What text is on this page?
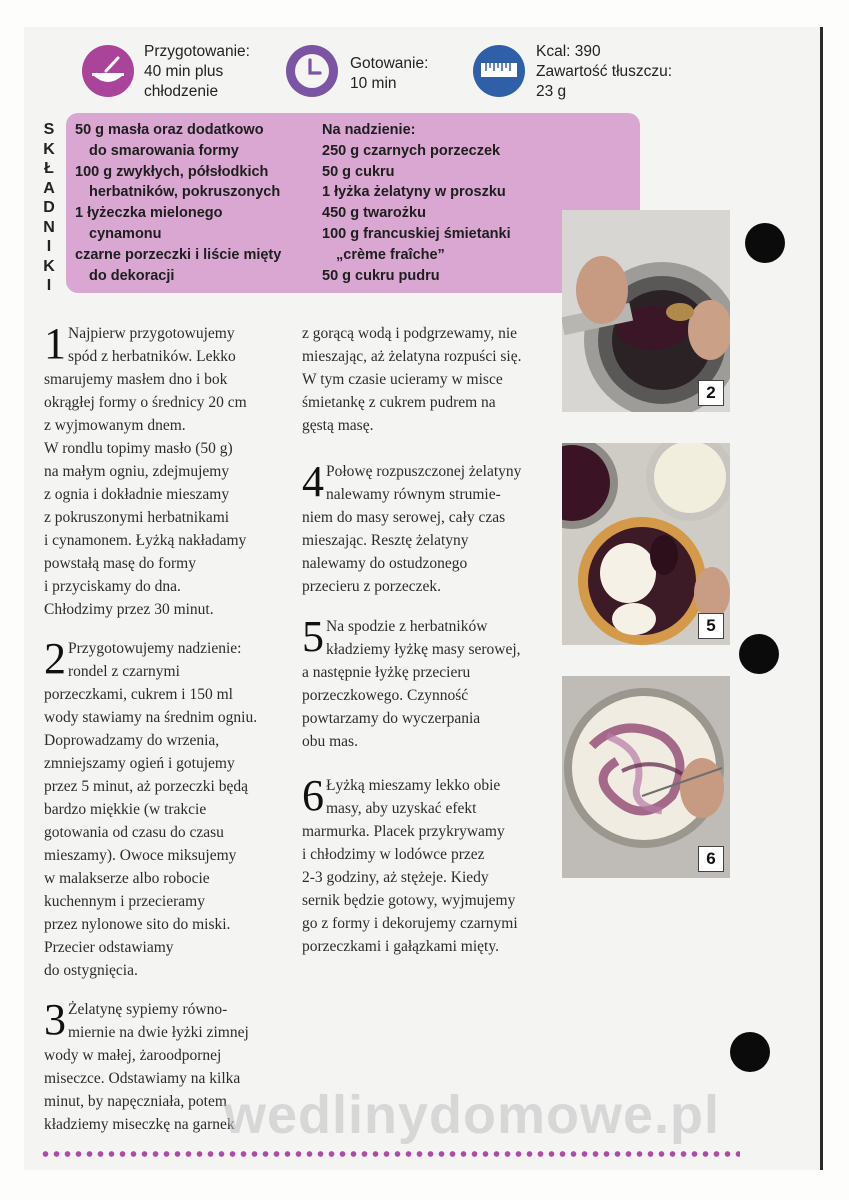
Przygotowanie:
40 min plus
chłodzenie
Gotowanie:
10 min
Kcal: 390
Zawartość tłuszczu:
23 g
S
K
Ł
A
D
N
I
K
I
50 g masła oraz dodatkowo
do smarowania formy
100 g zwykłych, półsłodkich
herbatników, pokruszonych
1 łyżeczka mielonego
cynamonu
czarne porzeczki i liście mięty
do dekoracji
Na nadzienie:
250 g czarnych porzeczek
50 g cukru
1 łyżka żelatyny w proszku
450 g twarożku
100 g francuskiej śmietanki
„crème fraîche”
50 g cukru pudru
2
5
6
1 Najpierw przygotowujemy
spód z herbatników. Lekko
smarujemy masłem dno i bok
okrągłej formy o średnicy 20 cm
z wyjmowanym dnem.
W rondlu topimy masło (50 g)
na małym ogniu, zdejmujemy
z ognia i dokładnie mieszamy
z pokruszonymi herbatnikami
i cynamonem. Łyżką nakładamy
powstałą masę do formy
i przyciskamy do dna.
Chłodzimy przez 30 minut.
2 Przygotowujemy nadzienie:
rondel z czarnymi
porzeczkami, cukrem i 150 ml
wody stawiamy na średnim ogniu.
Doprowadzamy do wrzenia,
zmniejszamy ogień i gotujemy
przez 5 minut, aż porzeczki będą
bardzo miękkie (w trakcie
gotowania od czasu do czasu
mieszamy). Owoce miksujemy
w malakserze albo robocie
kuchennym i przecieramy
przez nylonowe sito do miski.
Przecier odstawiamy
do ostygnięcia.
3 Żelatynę sypiemy równo-
miernie na dwie łyżki zimnej
wody w małej, żaroodpornej
miseczce. Odstawiamy na kilka
minut, by napęczniała, potem
kładziemy miseczkę na garnek
z gorącą wodą i podgrzewamy, nie
mieszając, aż żelatyna rozpuści się.
W tym czasie ucieramy w misce
śmietankę z cukrem pudrem na
gęstą masę.
4 Połowę rozpuszczonej żelatyny
nalewamy równym strumie-
niem do masy serowej, cały czas
mieszając. Resztę żelatyny
nalewamy do ostudzonego
przecieru z porzeczek.
5 Na spodzie z herbatników
kładziemy łyżkę masy serowej,
a następnie łyżkę przecieru
porzeczkowego. Czynność
powtarzamy do wyczerpania
obu mas.
6 Łyżką mieszamy lekko obie
masy, aby uzyskać efekt
marmurka. Placek przykrywamy
i chłodzimy w lodówce przez
2-3 godziny, aż stężeje. Kiedy
sernik będzie gotowy, wyjmujemy
go z formy i dekorujemy czarnymi
porzeczkami i gałązkami mięty.
wedlinydomowe.pl
